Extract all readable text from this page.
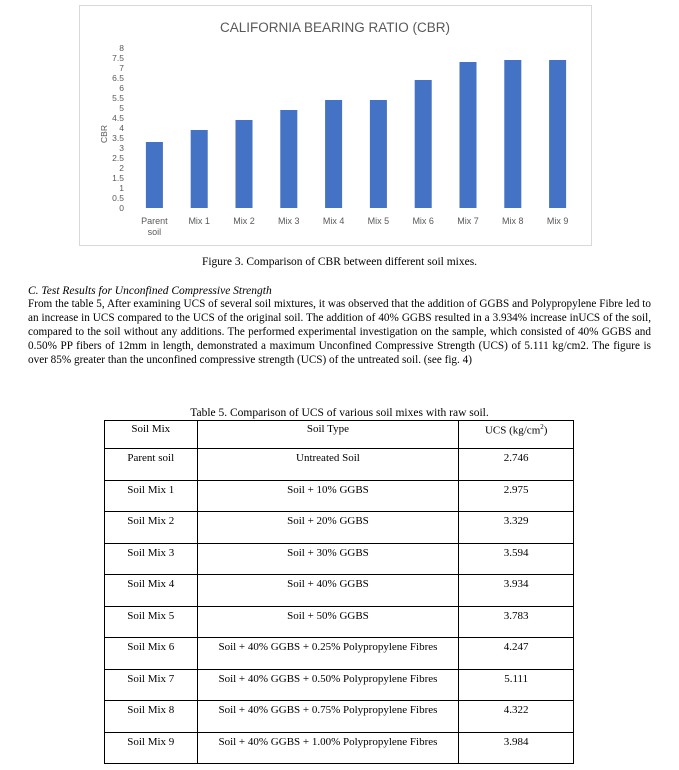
CALIFORNIA BEARING RATIO (CBR)
CBR
0
0.5
1
1.5
2
2.5
3
3.5
4
4.5
5
5.5
6
6.5
7
7.5
8
Parent soil
Mix 1	Mix 2	Mix 3	Mix 4	Mix 5	Mix 6	Mix 7	Mix 8	Mix 9
Figure 3. Comparison of CBR between different soil mixes.
C. Test Results for Unconfined Compressive Strength
From the table 5, After examining UCS of several soil mixtures, it was observed that the addition of GGBS and Polypropylene Fibre led to an increase in UCS compared to the UCS of the original soil. The addition of 40% GGBS resulted in a 3.934% increase inUCS of the soil, compared to the soil without any additions. The performed experimental investigation on the sample, which consisted of 40% GGBS and 0.50% PP fibers of 12mm in length, demonstrated a maximum Unconfined Compressive Strength (UCS) of 5.111 kg/cm2. The figure is over 85% greater than the unconfined compressive strength (UCS) of the untreated soil. (see fig. 4)
Table 5. Comparison of UCS of various soil mixes with raw soil.
Soil Mix	Soil Type	UCS $(kg/cm^2)$
Parent soil	Untreated Soil	2.746
Soil Mix 1	Soil + 10% GGBS	2.975
Soil Mix 2	Soil + 20% GGBS	3.329
Soil Mix 3	Soil + 30% GGBS	3.594
Soil Mix 4	Soil + 40% GGBS	3.934
Soil Mix 5	Soil + 50% GGBS	3.783
Soil Mix 6	Soil + 40% GGBS + 0.25% Polypropylene Fibres	4.247
Soil Mix 7	Soil + 40% GGBS + 0.50% Polypropylene Fibres	5.111
Soil Mix 8	Soil + 40% GGBS + 0.75% Polypropylene Fibres	4.322
Soil Mix 9	Soil + 40% GGBS + 1.00% Polypropylene Fibres	3.984
